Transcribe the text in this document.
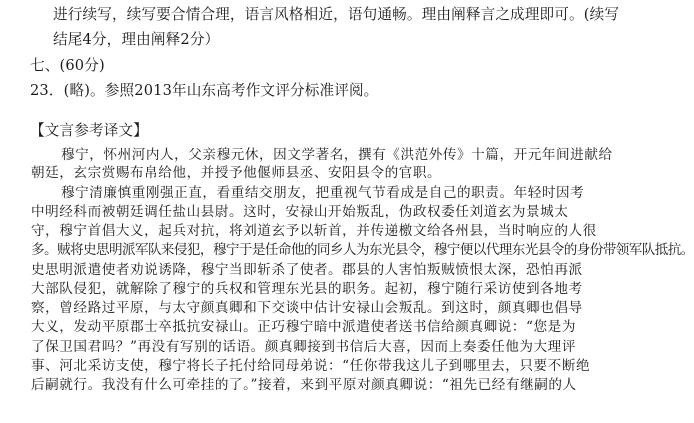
进行续写，续写要合情合理，语言风格相近，语句通畅。理由阐释言之成理即可。(续写
结尾4分，理由阐释2分）
七、(60分)
23．(略)。参照2013年山东高考作文评分标准评阅。
【文言参考译文】
穆宁，怀州河内人，父亲穆元休，因文学著名，撰有《洪范外传》十篇，开元年间进献给
朝廷，玄宗赏赐布帛给他，并授予他偃师县丞、安阳县令的官职。
穆宁清廉慎重刚强正直，看重结交朋友，把重视气节看成是自己的职责。年轻时因考
中明经科而被朝廷调任盐山县尉。这时，安禄山开始叛乱，伪政权委任刘道玄为景城太
守，穆宁首倡大义，起兵对抗，将刘道玄予以斩首，并传递檄文给各州县，当时响应的人很
多。贼将史思明派军队来侵犯，穆宁于是任命他的同乡人为东光县令，穆宁便以代理东光县令的身份带领军队抵抗。
史思明派遣使者劝说诱降，穆宁当即斩杀了使者。郡县的人害怕叛贼愤恨太深，恐怕再派
大部队侵犯，就解除了穆宁的兵权和管理东光县的职务。起初，穆宁随行采访使到各地考
察，曾经路过平原，与太守颜真卿和下交谈中估计安禄山会叛乱。到这时，颜真卿也倡导
大义，发动平原郡士卒抵抗安禄山。正巧穆宁暗中派遣使者送书信给颜真卿说：“您是为
了保卫国君吗？”再没有写别的话语。颜真卿接到书信后大喜，因而上奏委任他为大理评
事、河北采访支使，穆宁将长子托付给同母弟说：“任你带我这儿子到哪里去，只要不断绝
后嗣就行。我没有什么可牵挂的了。”接着，来到平原对颜真卿说：“祖先已经有继嗣的人
